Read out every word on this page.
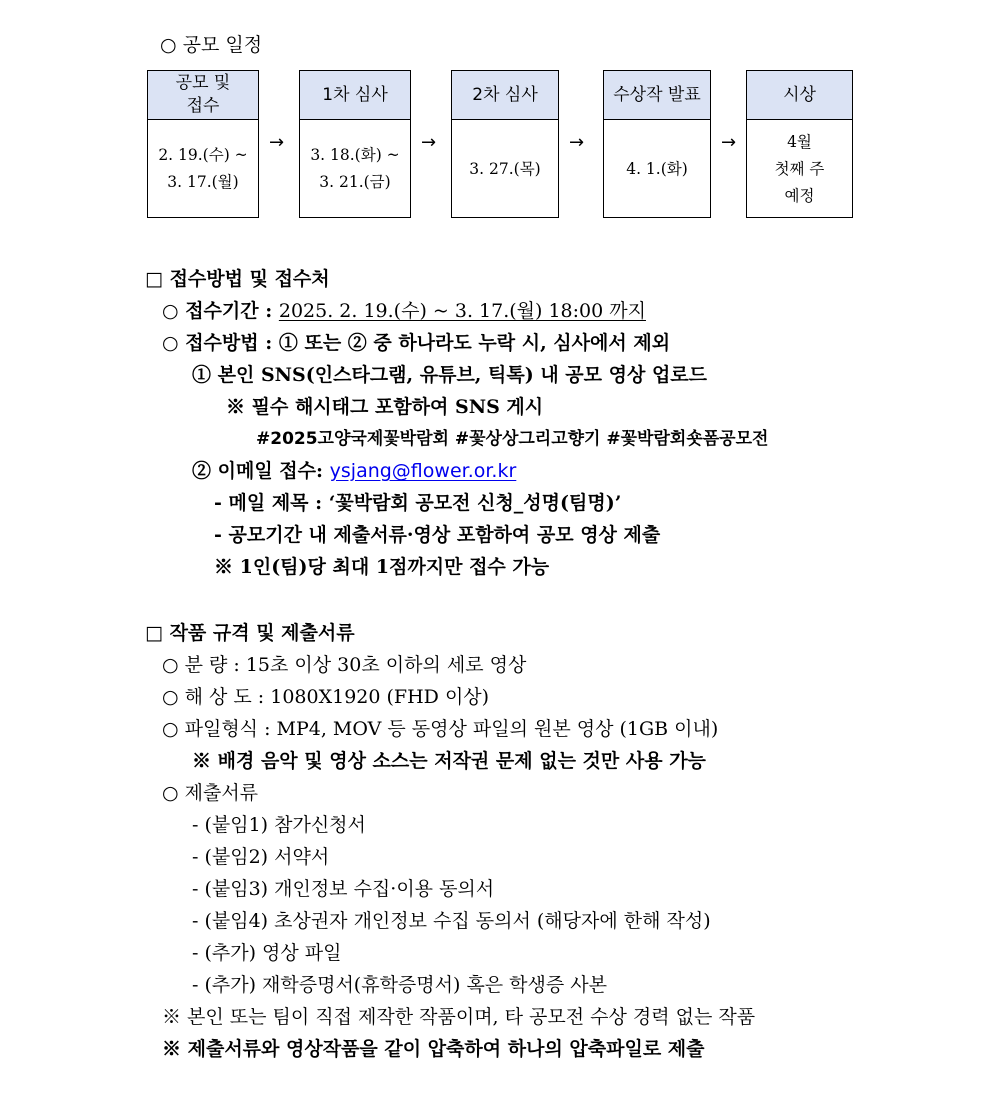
○ 공모 일정
공모 및
접수
2. 19.(수) ~
3. 17.(월)
→
1차 심사
3. 18.(화) ~
3. 21.(금)
→
2차 심사
3. 27.(목)
→
수상작 발표
4. 1.(화)
→
시상
4월
첫째 주
예정
□ 접수방법 및 접수처
○ 접수기간 : 2025. 2. 19.(수) ~ 3. 17.(월) 18:00 까지
○ 접수방법 : ① 또는 ② 중 하나라도 누락 시, 심사에서 제외
① 본인 SNS(인스타그램, 유튜브, 틱톡) 내 공모 영상 업로드
※ 필수 해시태그 포함하여 SNS 게시
#2025고양국제꽃박람회 #꽃상상그리고향기 #꽃박람회숏폼공모전
② 이메일 접수: ysjang@flower.or.kr
- 메일 제목 : ‘꽃박람회 공모전 신청_성명(팀명)’
- 공모기간 내 제출서류·영상 포함하여 공모 영상 제출
※ 1인(팀)당 최대 1점까지만 접수 가능
□ 작품 규격 및 제출서류
○ 분 량 : 15초 이상 30초 이하의 세로 영상
○ 해 상 도 : 1080X1920 (FHD 이상)
○ 파일형식 : MP4, MOV 등 동영상 파일의 원본 영상 (1GB 이내)
※ 배경 음악 및 영상 소스는 저작권 문제 없는 것만 사용 가능
○ 제출서류
- (붙임1) 참가신청서
- (붙임2) 서약서
- (붙임3) 개인정보 수집·이용 동의서
- (붙임4) 초상권자 개인정보 수집 동의서 (해당자에 한해 작성)
- (추가) 영상 파일
- (추가) 재학증명서(휴학증명서) 혹은 학생증 사본
※ 본인 또는 팀이 직접 제작한 작품이며, 타 공모전 수상 경력 없는 작품
※ 제출서류와 영상작품을 같이 압축하여 하나의 압축파일로 제출
